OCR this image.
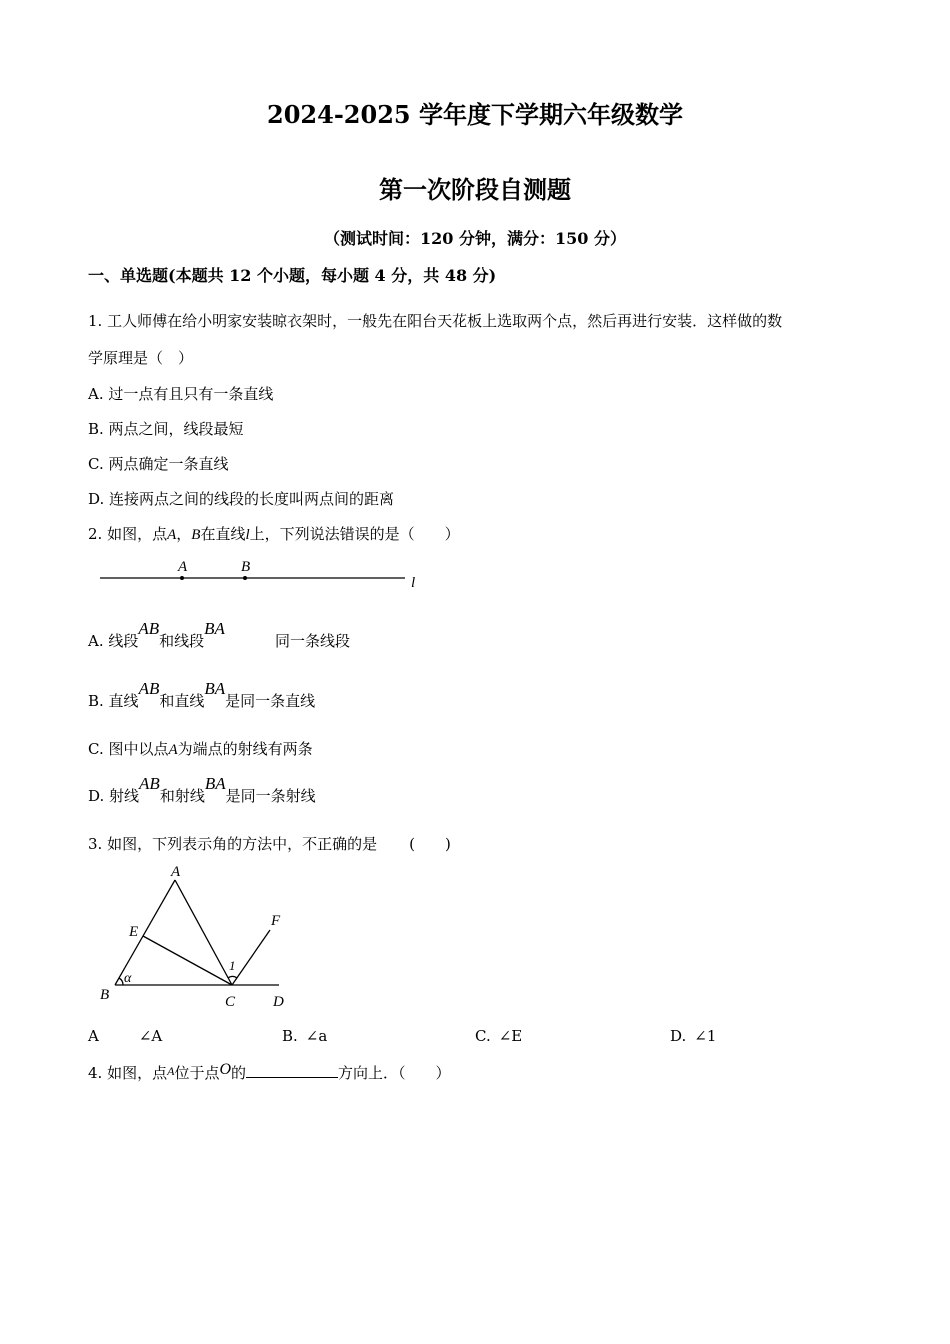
2024-2025 学年度下学期六年级数学
第一次阶段自测题
（测试时间：120 分钟，满分：150 分）
一、单选题(本题共 12 个小题，每小题 4 分，共 48 分)
1. 工人师傅在给小明家安装晾衣架时，一般先在阳台天花板上选取两个点，然后再进行安装．这样做的数
学原理是（　）
A. 过一点有且只有一条直线
B. 两点之间，线段最短
C. 两点确定一条直线
D. 连接两点之间的线段的长度叫两点间的距离
2. 如图，点A，B在直线l上，下列说法错误的是（　　）
A	B
l
A. 线段AB和线段BA同一条线段
B. 直线AB和直线BA是同一条直线
C. 图中以点A为端点的射线有两条
D. 射线AB和射线BA是同一条射线
3. 如图，下列表示角的方法中，不正确的是 (　　)
A
B	C	D
E
F
α
1
A	∠A	B. ∠a	C. ∠E	D. ∠1
4. 如图，点$^A$位于点O的	方向上．（　　）
